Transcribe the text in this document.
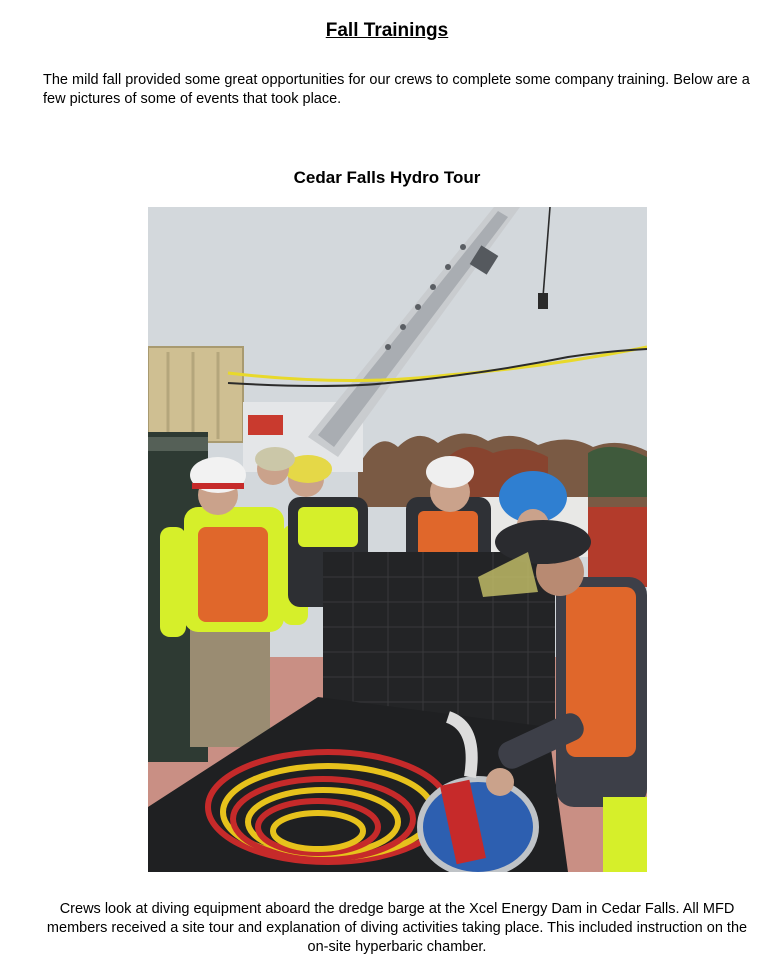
Fall Trainings
The mild fall provided some great opportunities for our crews to complete some company training. Below are a few pictures of some of events that took place.
Cedar Falls Hydro Tour
Crews look at diving equipment aboard the dredge barge at the Xcel Energy Dam in Cedar Falls. All MFD members received a site tour and explanation of diving activities taking place. This included instruction on the on-site hyperbaric chamber.
